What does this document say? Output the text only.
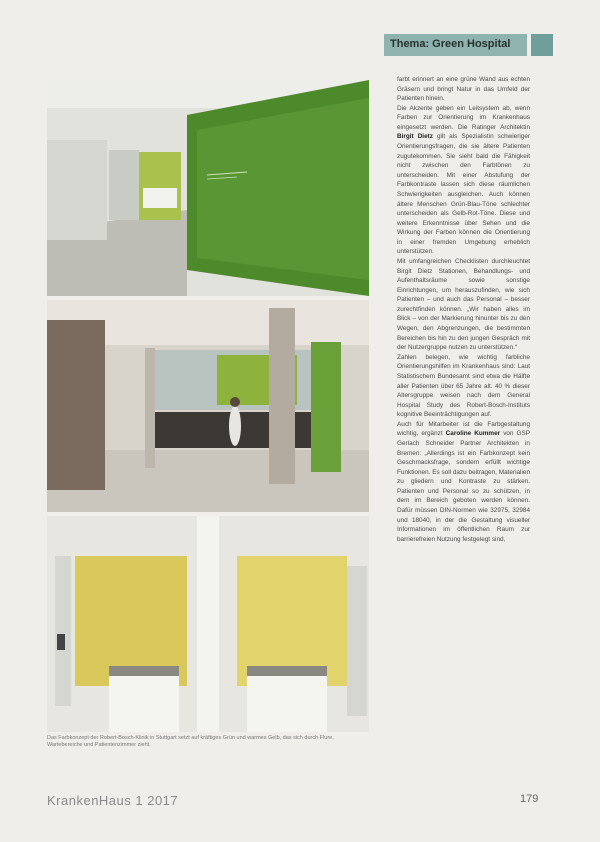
Thema: Green Hospital
Das Farbkonzept der Robert-Bosch-Klinik in Stuttgart setzt auf kräftiges Grün und warmes Gelb, das sich durch Flure, Wartebereiche und Patientenzimmer zieht.

farbt erinnert an eine grüne Wand aus echten Gräsern und bringt Natur in das Umfeld der Patienten hinein.
Die Akzente geben ein Leitsystem ab, wenn Farben zur Orientierung im Krankenhaus eingesetzt werden. Die Ratinger Architektin Birgit Dietz gilt als Spezialistin schwieriger Orientierungsfragen, die sie ältere Patienten zugutekommen. Sie sieht bald die Fähigkeit nicht zwischen den Farbtönen zu unterscheiden. Mit einer Abstufung der Farbkontraste lassen sich diese räumlichen Schwierigkeiten ausgleichen. Auch können ältere Menschen Grün-Blau-Töne schlechter unterscheiden als Gelb-Rot-Töne. Diese und weitere Erkenntnisse über Sehen und die Wirkung der Farben können die Orientierung in einer fremden Umgebung erheblich unterstützen.
Mit umfangreichen Checklisten durchleuchtet Birgit Dietz Stationen, Behandlungs- und Aufenthaltsräume sowie sonstige Einrichtungen, um herauszufinden, wie sich Patienten – und auch das Personal – besser zurechtfinden können. „Wir haben alles im Blick – von der Markierung hinunter bis zu den Wegen, den Abgrenzungen, die bestimmten Bereichen bis hin zu den jungen Gespräch mit der Nutzergruppe nutzen zu unterstützen.“
Zahlen belegen, wie wichtig farbliche Orientierungshilfen im Krankenhaus sind: Laut Statistischem Bundesamt sind etwa die Hälfte aller Patienten über 65 Jahre alt. 40 % dieser Altersgruppe weisen nach dem General Hospital Study des Robert-Bosch-Instituts kognitive Beeinträchtigungen auf.
Auch für Mitarbeiter ist die Farbgestaltung wichtig, ergänzt Caroline Kummer von GSP Gerlach Schneider Partner Architekten in Bremen: „Allerdings ist ein Farbkonzept kein Geschmacksfrage, sondern erfüllt wichtige Funktionen. Es soll dazu beitragen, Materialien zu gliedern und Kontraste zu stärken. Patienten und Personal so zu schützen, in dem im Bereich geboten werden können. Dafür müssen DIN-Normen wie 32975, 32984 und 18040, in der die Gestaltung visueller Informationen im öffentlichen Raum zur barrierefreien Nutzung festgelegt sind,

KrankenHaus 1 2017	179
